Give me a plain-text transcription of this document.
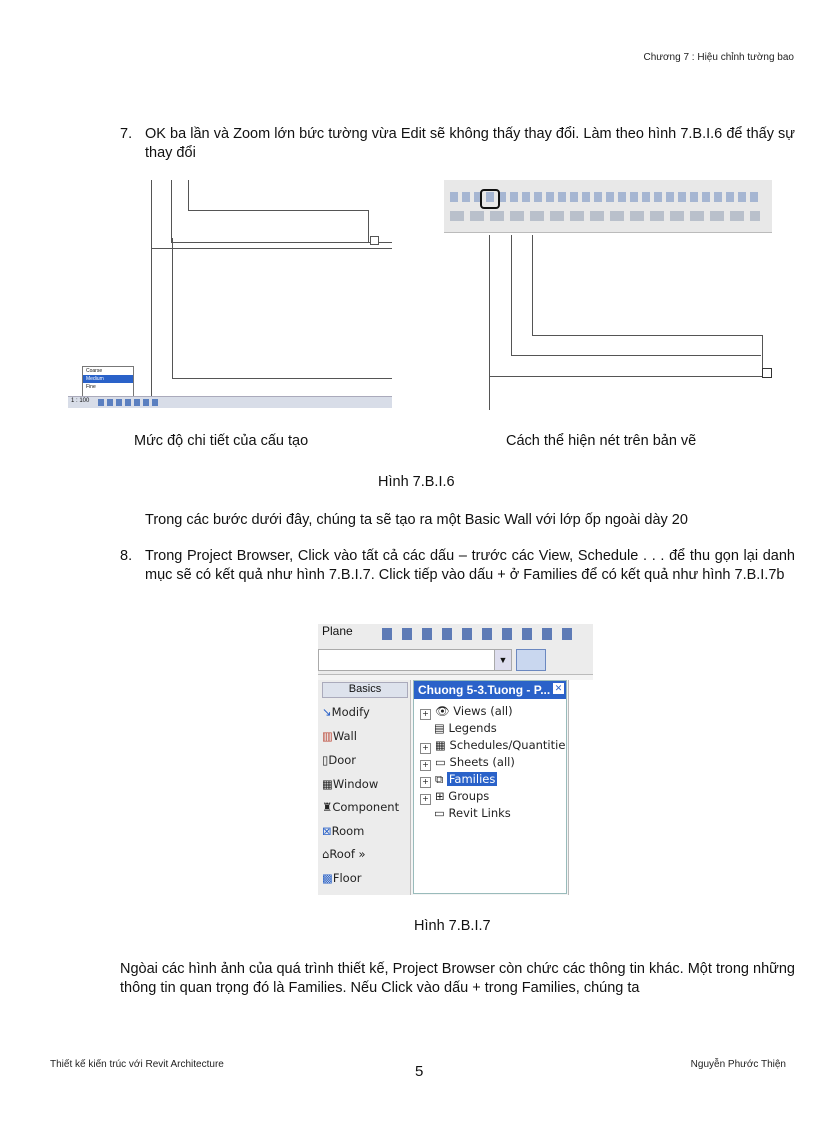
Chương 7 : Hiệu chỉnh tường bao
7. OK ba lần và Zoom lớn bức tường vừa Edit sẽ không thấy thay đổi. Làm theo hình 7.B.I.6 để thấy sự thay đổi
Coarse
Medium
Fine
1 : 100
Mức độ chi tiết của cấu tạo	Cách thể hiện nét trên bản vẽ
Hình 7.B.I.6
Trong các bước dưới đây, chúng ta sẽ tạo ra một Basic Wall với lớp ốp ngoài dày 20
8. Trong Project Browser, Click vào tất cả các dấu – trước các View, Schedule . . . để thu gọn lại danh mục sẽ có kết quả như hình 7.B.I.7. Click tiếp vào dấu + ở Families để có kết quả như hình 7.B.I.7b
Plane
▼
Basics
↘Modify
▥Wall
▯Door
▦Window
♜Component
⊠Room
⌂Roof »
▩Floor
Chuong 5-3.Tuong - P... ✕
+ 👁 Views (all)
▤ Legends
+ ▦ Schedules/Quantitie
+ ▭ Sheets (all)
+ ⧉ Families
+ ⊞ Groups
▭ Revit Links
Hình 7.B.I.7
Ngòai các hình ảnh của quá trình thiết kế, Project Browser còn chức các thông tin khác. Một trong những thông tin quan trọng đó là Families. Nếu Click vào dấu + trong Families, chúng ta
Thiết kế kiến trúc với Revit Architecture	5	Nguyễn Phước Thiện
